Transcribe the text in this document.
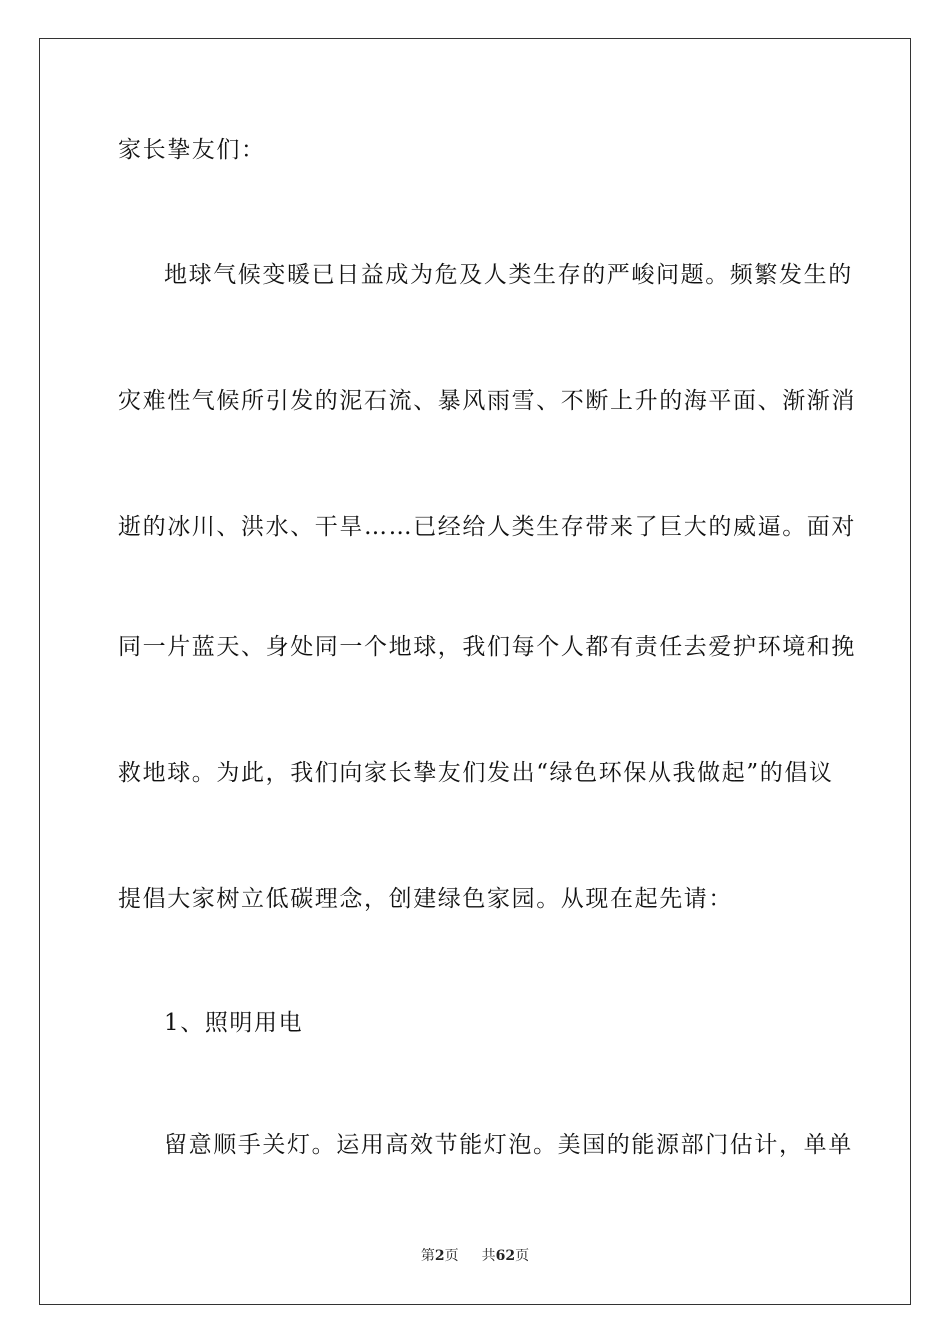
家长挚友们：
地球气候变暖已日益成为危及人类生存的严峻问题。频繁发生的
灾难性气候所引发的泥石流、暴风雨雪、不断上升的海平面、渐渐消
逝的冰川、洪水、干旱……已经给人类生存带来了巨大的威逼。面对
同一片蓝天、身处同一个地球，我们每个人都有责任去爱护环境和挽
救地球。为此，我们向家长挚友们发出“绿色环保从我做起”的倡议
提倡大家树立低碳理念，创建绿色家园。从现在起先请：
1、照明用电
留意顺手关灯。运用高效节能灯泡。美国的能源部门估计，单单
第2页 共62页
